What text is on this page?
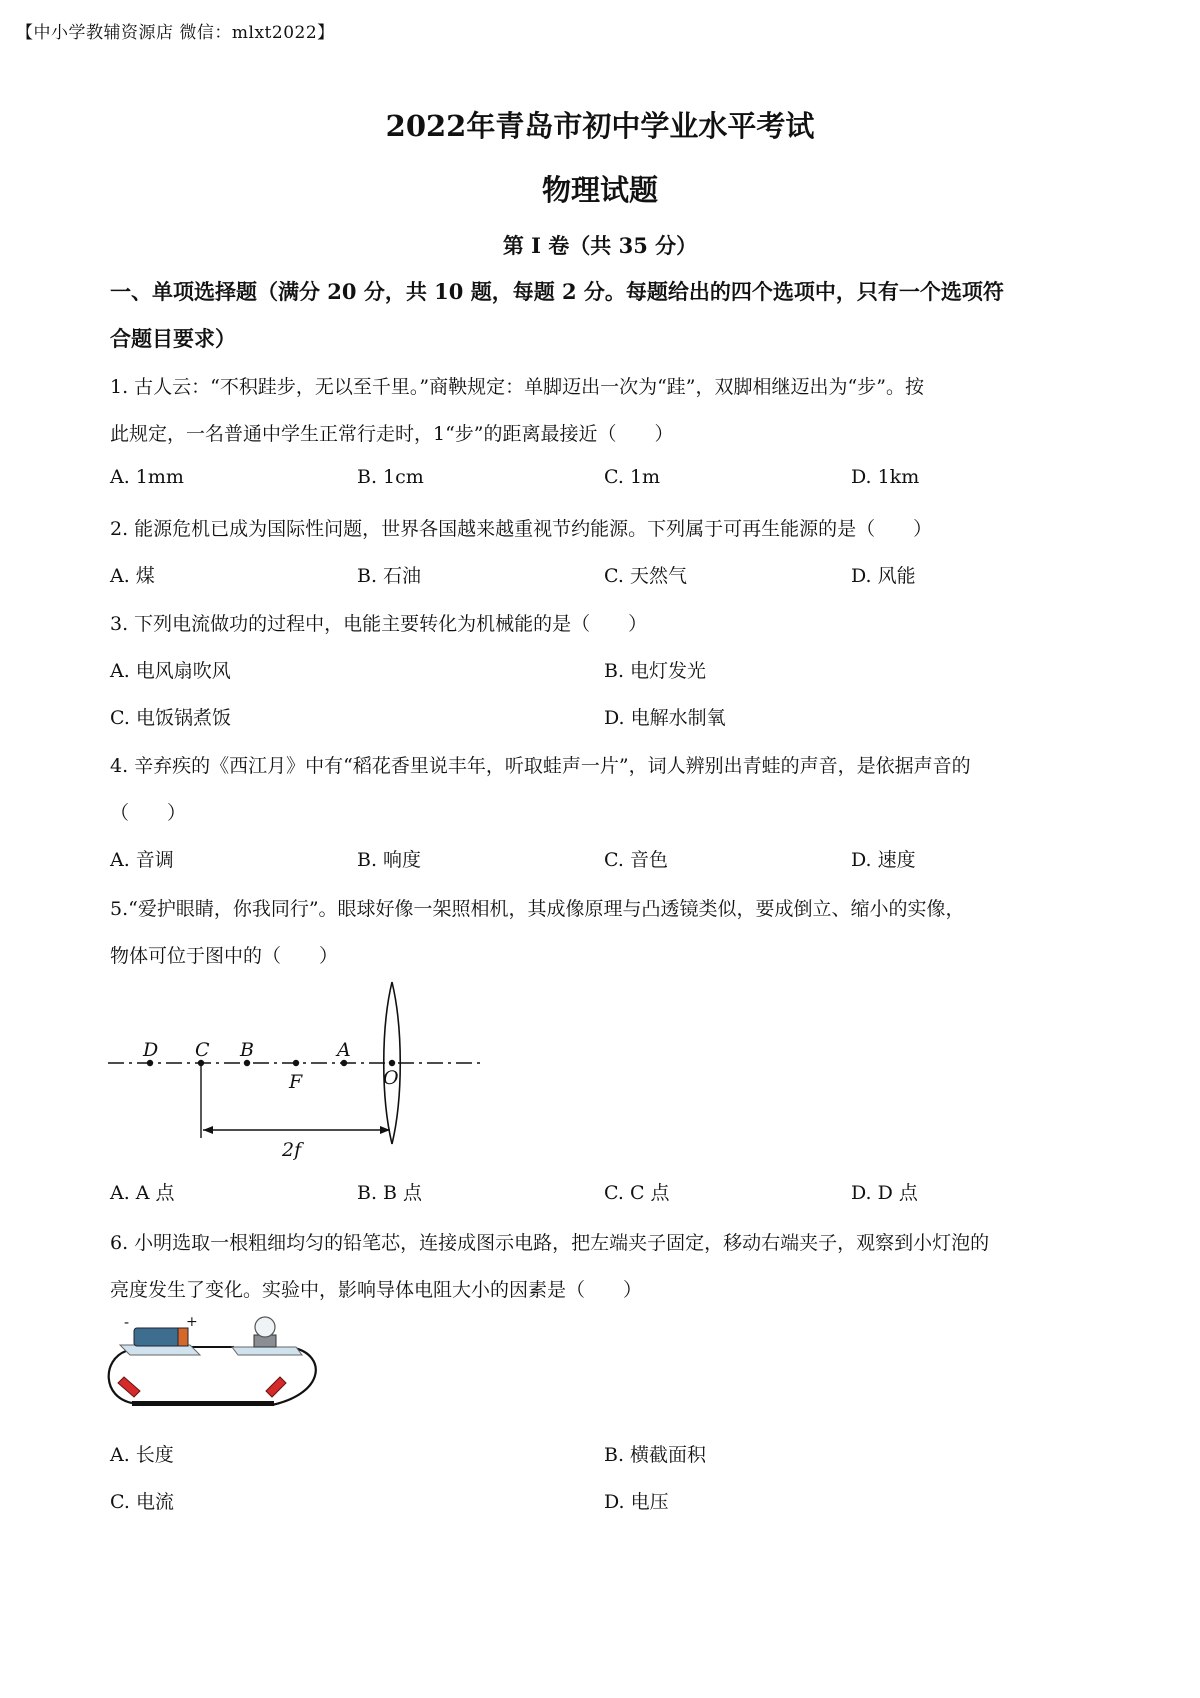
【中小学教辅资源店 微信：mlxt2022】
2022年青岛市初中学业水平考试
物理试题
第 I 卷（共 35 分）
一、单项选择题（满分 20 分，共 10 题，每题 2 分。每题给出的四个选项中，只有一个选项符
合题目要求）
1. 古人云：“不积跬步，无以至千里。”商鞅规定：单脚迈出一次为“跬”，双脚相继迈出为“步”。按
此规定，一名普通中学生正常行走时，1“步”的距离最接近（　　）
A. 1mm	B. 1cm	C. 1m	D. 1km
2. 能源危机已成为国际性问题，世界各国越来越重视节约能源。下列属于可再生能源的是（　　）
A. 煤	B. 石油	C. 天然气	D. 风能
3. 下列电流做功的过程中，电能主要转化为机械能的是（　　）
A. 电风扇吹风	B. 电灯发光
C. 电饭锅煮饭	D. 电解水制氧
4. 辛弃疾的《西江月》中有“稻花香里说丰年，听取蛙声一片”，词人辨别出青蛙的声音，是依据声音的
（　　）
A. 音调	B. 响度	C. 音色	D. 速度
5.“爱护眼睛，你我同行”。眼球好像一架照相机，其成像原理与凸透镜类似，要成倒立、缩小的实像，
物体可位于图中的（　　）
D C B	A
F	O
2f
A. A 点	B. B 点	C. C 点	D. D 点
6. 小明选取一根粗细均匀的铅笔芯，连接成图示电路，把左端夹子固定，移动右端夹子，观察到小灯泡的
亮度发生了变化。实验中，影响导体电阻大小的因素是（　　）
-	+
A. 长度	B. 横截面积
C. 电流	D. 电压
